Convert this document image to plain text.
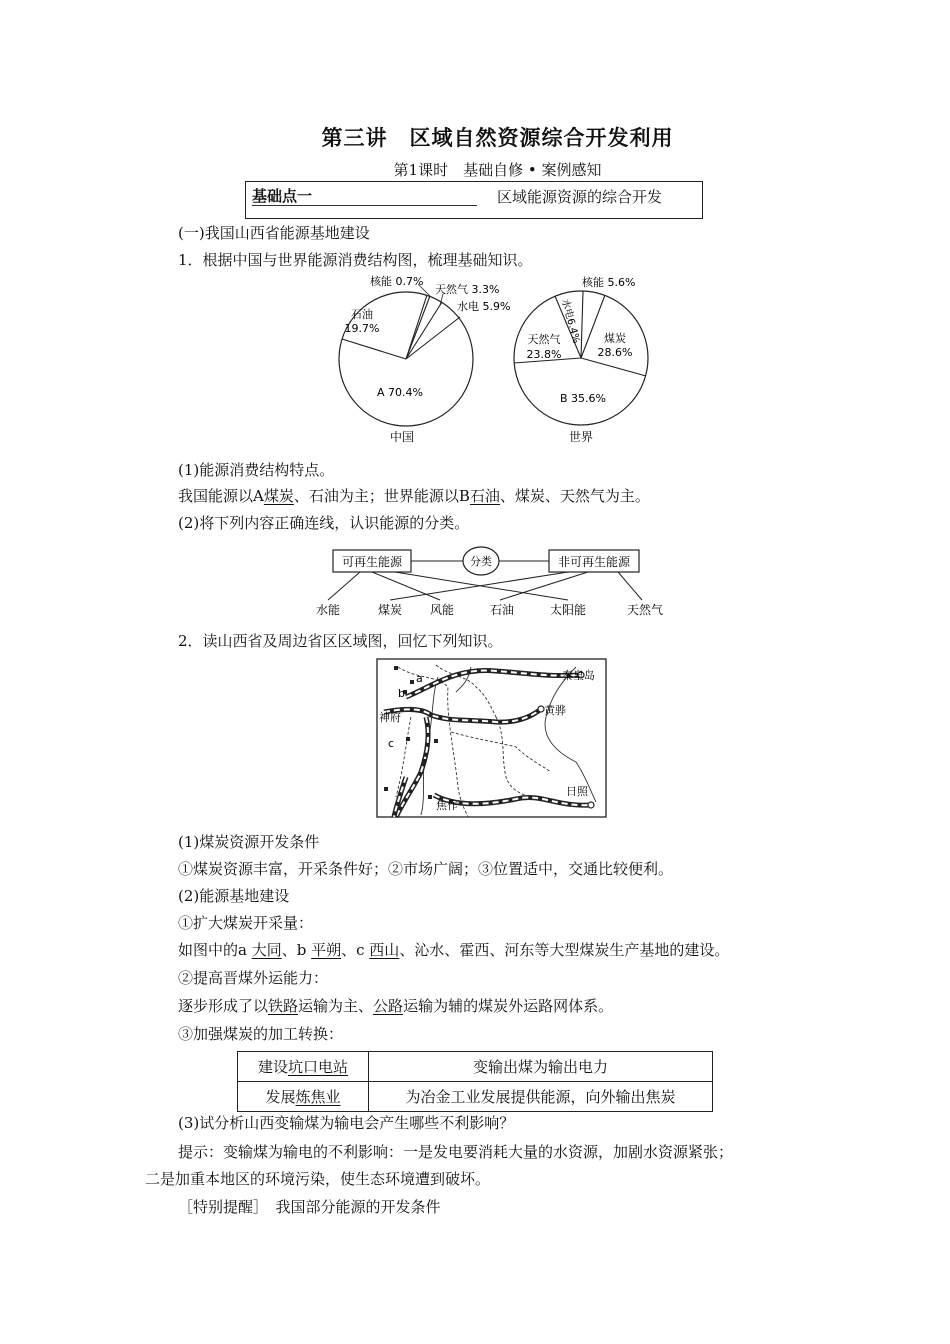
第三讲　区域自然资源综合开发利用
第1课时　基础自修 • 案例感知
基础点一	区域能源资源的综合开发
(一)我国山西省能源基地建设
1．根据中国与世界能源消费结构图，梳理基础知识。
核能 0.7%
天然气 3.3%
水电 5.9%
石油
19.7%
A 70.4%
中国
核能 5.6%
水电6.4% 煤炭
28.6%
天然气
23.8%
B 35.6%
世界
(1)能源消费结构特点。
我国能源以A煤炭、石油为主；世界能源以B石油、煤炭、天然气为主。
(2)将下列内容正确连线，认识能源的分类。
可再生能源	分类	非可再生能源
水能	煤炭 风能	石油	太阳能	天然气
2．读山西省及周边省区区域图，回忆下列知识。
秦皇岛
神府
黄骅
焦作
日照
a
b
c
(1)煤炭资源开发条件
①煤炭资源丰富，开采条件好；②市场广阔；③位置适中，交通比较便利。
(2)能源基地建设
①扩大煤炭开采量：
如图中的a 大同、b 平朔、c 西山、沁水、霍西、河东等大型煤炭生产基地的建设。
②提高晋煤外运能力：
逐步形成了以铁路运输为主、公路运输为辅的煤炭外运路网体系。
③加强煤炭的加工转换：
建设坑口电站	变输出煤为输出电力
发展炼焦业	为冶金工业发展提供能源，向外输出焦炭
(3)试分析山西变输煤为输电会产生哪些不利影响？
提示：变输煤为输电的不利影响：一是发电要消耗大量的水资源，加剧水资源紧张；
二是加重本地区的环境污染，使生态环境遭到破坏。
［特别提醒］　我国部分能源的开发条件
